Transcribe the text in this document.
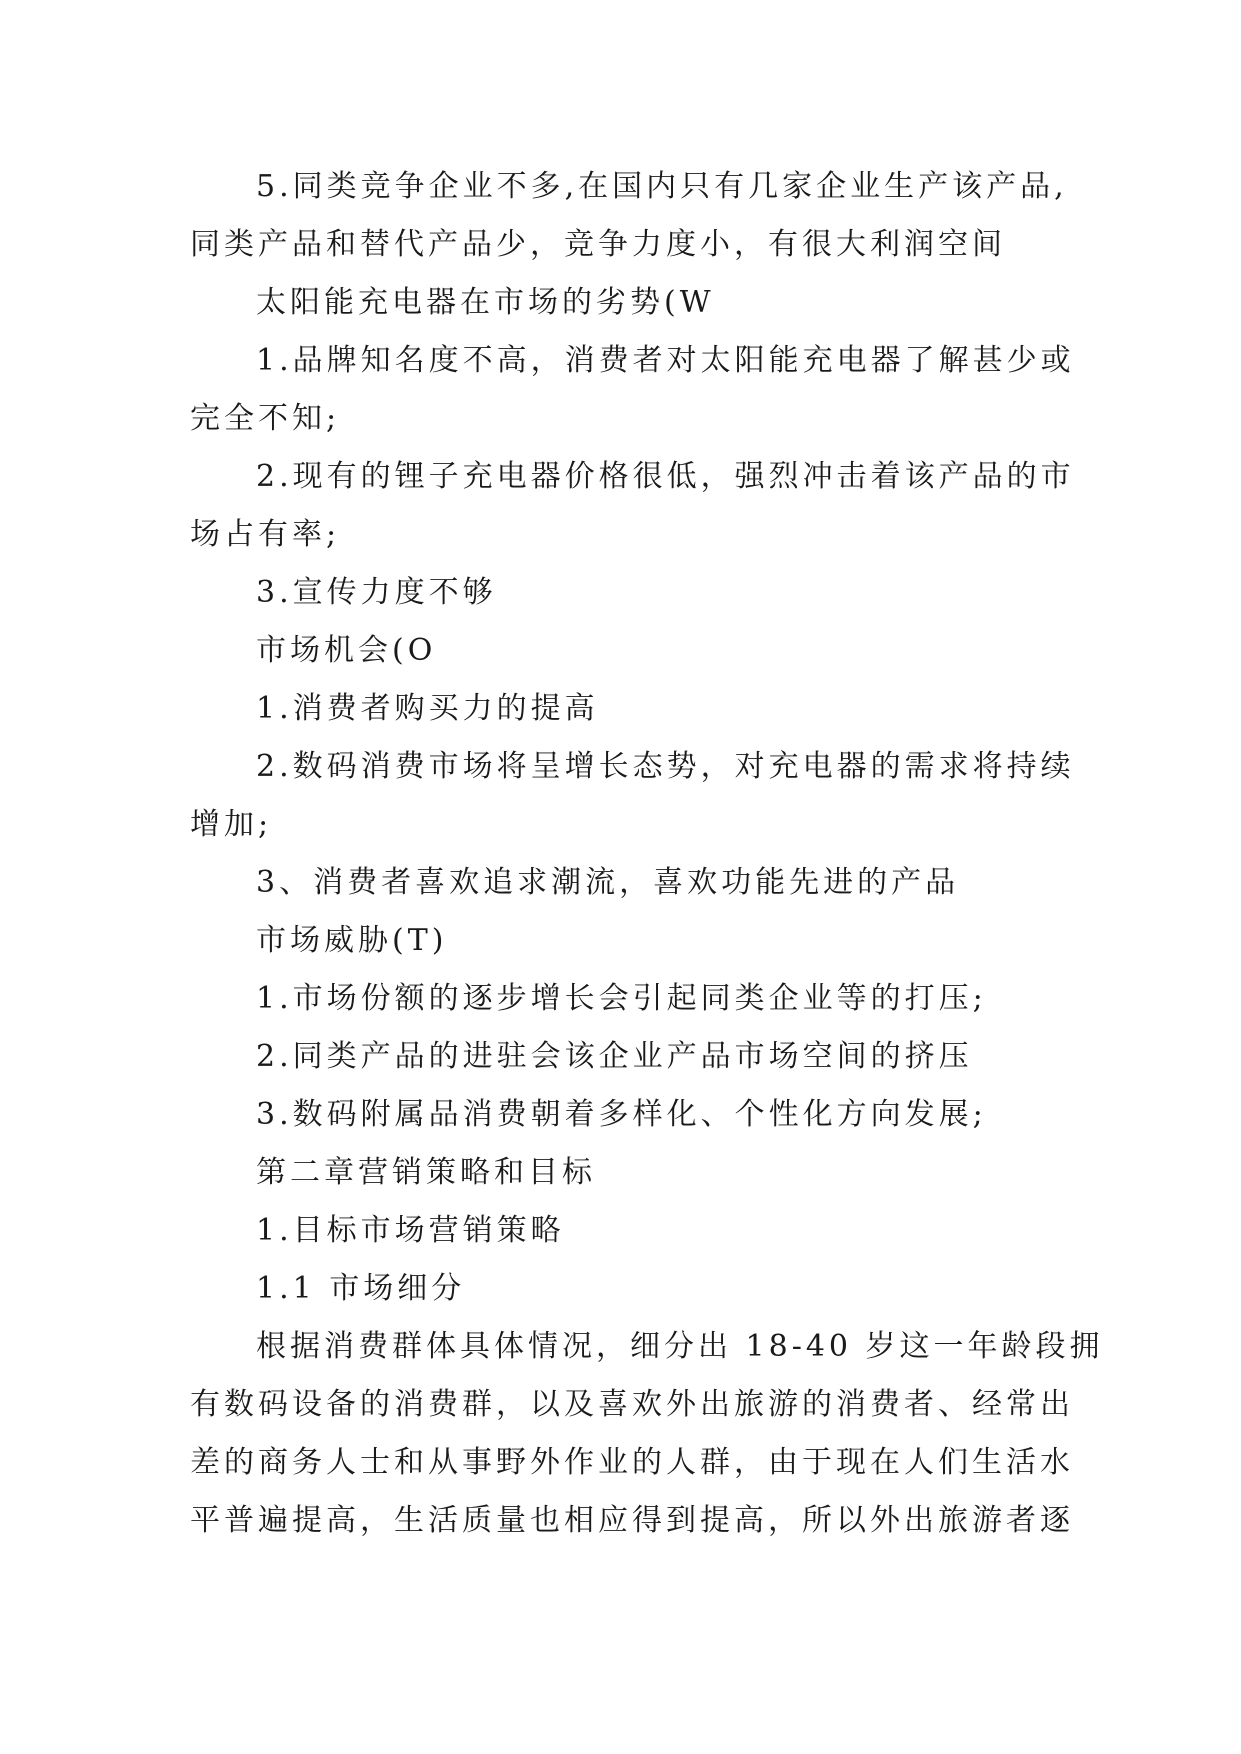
5.同类竞争企业不多,在国内只有几家企业生产该产品,

同类产品和替代产品少，竞争力度小，有很大利润空间

太阳能充电器在市场的劣势(W

1.品牌知名度不高，消费者对太阳能充电器了解甚少或

完全不知;

2.现有的锂子充电器价格很低，强烈冲击着该产品的市

场占有率;

3.宣传力度不够

市场机会(O

1.消费者购买力的提高

2.数码消费市场将呈增长态势，对充电器的需求将持续

增加;

3、消费者喜欢追求潮流，喜欢功能先进的产品

市场威胁(T)

1.市场份额的逐步增长会引起同类企业等的打压;

2.同类产品的进驻会该企业产品市场空间的挤压

3.数码附属品消费朝着多样化、个性化方向发展;

第二章营销策略和目标

1.目标市场营销策略

1.1 市场细分

根据消费群体具体情况，细分出 18-40 岁这一年龄段拥

有数码设备的消费群，以及喜欢外出旅游的消费者、经常出

差的商务人士和从事野外作业的人群，由于现在人们生活水

平普遍提高，生活质量也相应得到提高，所以外出旅游者逐
